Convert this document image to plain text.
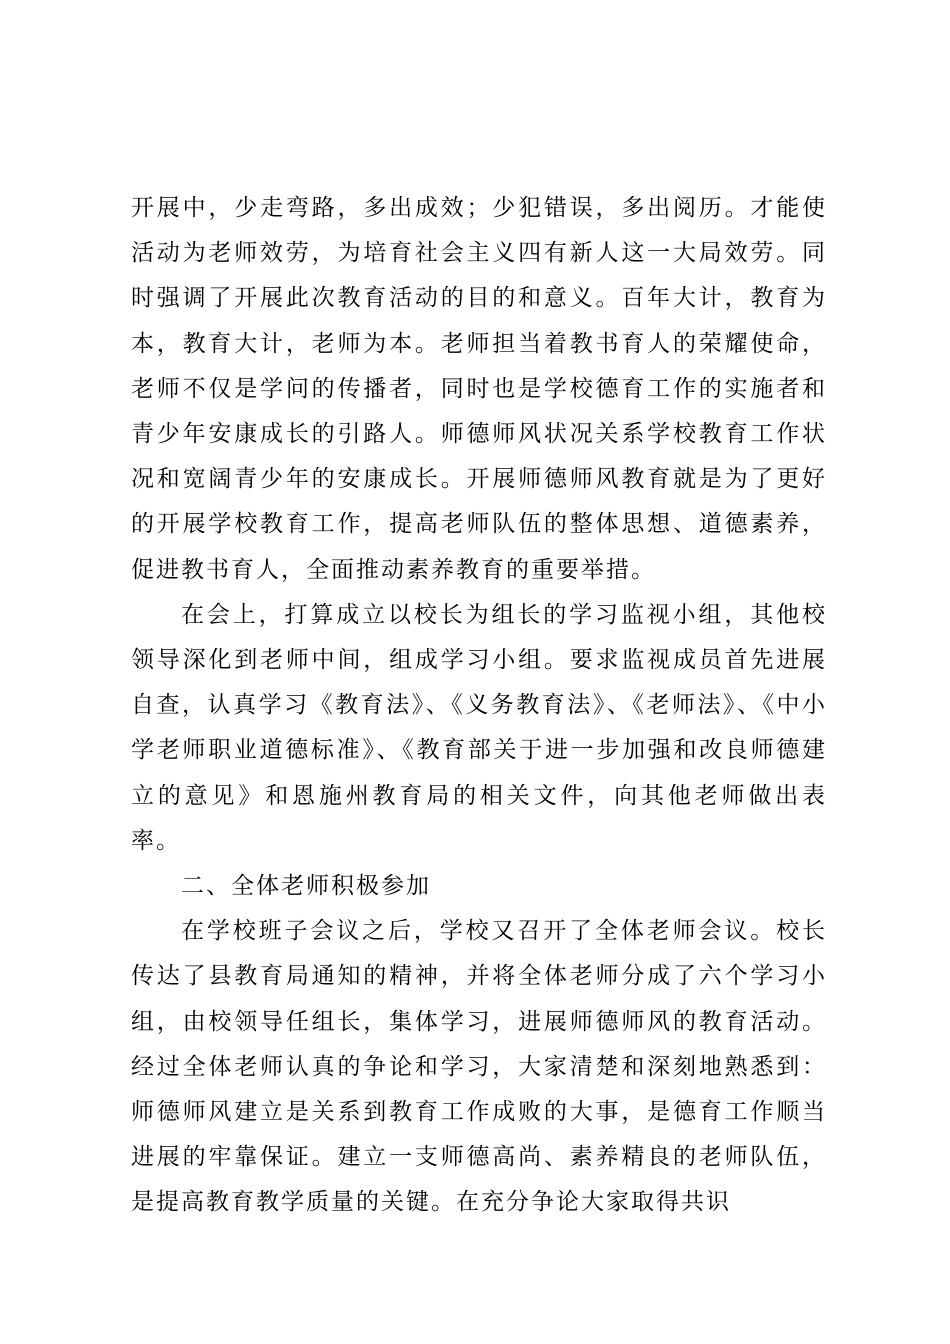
开展中，少走弯路，多出成效；少犯错误，多出阅历。才能使活动为老师效劳，为培育社会主义四有新人这一大局效劳。同时强调了开展此次教育活动的目的和意义。百年大计，教育为本，教育大计，老师为本。老师担当着教书育人的荣耀使命，老师不仅是学问的传播者，同时也是学校德育工作的实施者和青少年安康成长的引路人。师德师风状况关系学校教育工作状况和宽阔青少年的安康成长。开展师德师风教育就是为了更好的开展学校教育工作，提高老师队伍的整体思想、道德素养，促进教书育人，全面推动素养教育的重要举措。

在会上，打算成立以校长为组长的学习监视小组，其他校领导深化到老师中间，组成学习小组。要求监视成员首先进展自查，认真学习《教育法》、《义务教育法》、《老师法》、《中小学老师职业道德标准》、《教育部关于进一步加强和改良师德建立的意见》和恩施州教育局的相关文件，向其他老师做出表率。

二、全体老师积极参加

在学校班子会议之后，学校又召开了全体老师会议。校长传达了县教育局通知的精神，并将全体老师分成了六个学习小组，由校领导任组长，集体学习，进展师德师风的教育活动。经过全体老师认真的争论和学习，大家清楚和深刻地熟悉到：师德师风建立是关系到教育工作成败的大事，是德育工作顺当进展的牢靠保证。建立一支师德高尚、素养精良的老师队伍，是提高教育教学质量的关键。在充分争论大家取得共识
